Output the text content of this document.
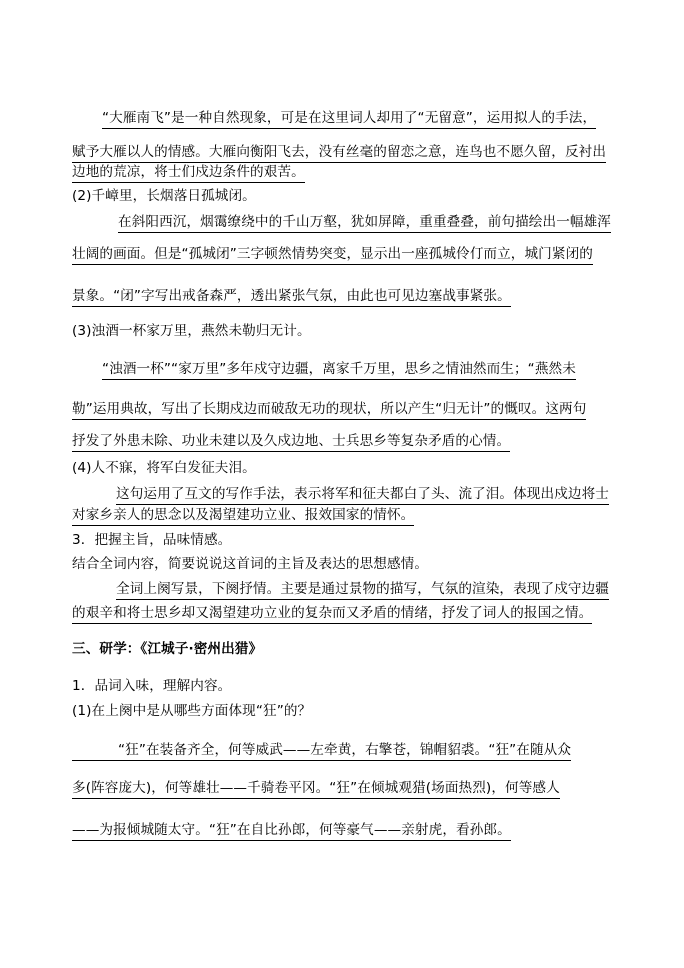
“大雁南飞”是一种自然现象，可是在这里词人却用了“无留意”，运用拟人的手法，
赋予大雁以人的情感。大雁向衡阳飞去，没有丝毫的留恋之意，连鸟也不愿久留，反衬出
边地的荒凉，将士们戍边条件的艰苦。
(2)千嶂里，长烟落日孤城闭。
在斜阳西沉，烟霭缭绕中的千山万壑，犹如屏障，重重叠叠，前句描绘出一幅雄浑
壮阔的画面。但是“孤城闭”三字顿然情势突变，显示出一座孤城伶仃而立，城门紧闭的
景象。“闭”字写出戒备森严，透出紧张气氛，由此也可见边塞战事紧张。
(3)浊酒一杯家万里，燕然未勒归无计。
“浊酒一杯”“家万里”多年戍守边疆，离家千万里，思乡之情油然而生；“燕然未
勒”运用典故，写出了长期戍边而破敌无功的现状，所以产生“归无计”的慨叹。这两句
抒发了外患未除、功业未建以及久戍边地、士兵思乡等复杂矛盾的心情。
(4)人不寐，将军白发征夫泪。
这句运用了互文的写作手法，表示将军和征夫都白了头、流了泪。体现出戍边将士
对家乡亲人的思念以及渴望建功立业、报效国家的情怀。
3．把握主旨，品味情感。
结合全词内容，简要说说这首词的主旨及表达的思想感情。
全词上阕写景，下阕抒情。主要是通过景物的描写，气氛的渲染，表现了戍守边疆
的艰辛和将士思乡却又渴望建功立业的复杂而又矛盾的情绪，抒发了词人的报国之情。
三、研学：《江城子·密州出猎》
1．品词入味，理解内容。
(1)在上阕中是从哪些方面体现“狂”的？
“狂”在装备齐全，何等威武——左牵黄，右擎苍，锦帽貂裘。“狂”在随从众
多(阵容庞大)，何等雄壮——千骑卷平冈。“狂”在倾城观猎(场面热烈)，何等感人
——为报倾城随太守。“狂”在自比孙郎，何等豪气——亲射虎，看孙郎。
